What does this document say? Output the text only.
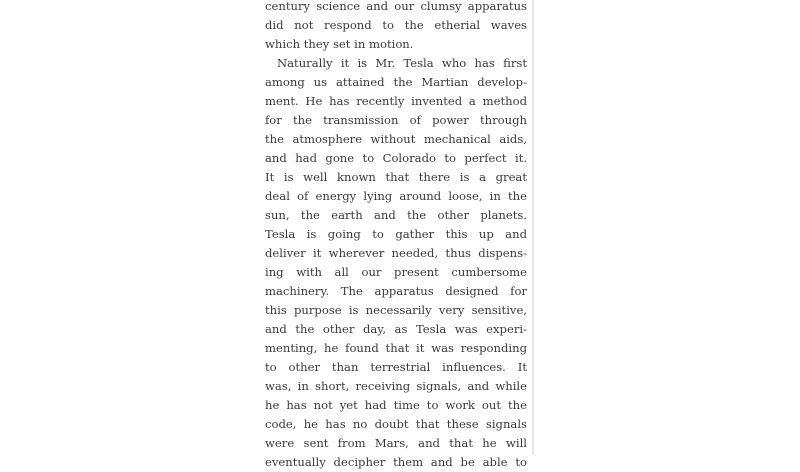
century science and our clumsy apparatus
did not respond to the etherial waves
which they set in motion.
Naturally it is Mr. Tesla who has first
among us attained the Martian develop-
ment. He has recently invented a method
for the transmission of power through
the atmosphere without mechanical aids,
and had gone to Colorado to perfect it.
It is well known that there is a great
deal of energy lying around loose, in the
sun, the earth and the other planets.
Tesla is going to gather this up and
deliver it wherever needed, thus dispens-
ing with all our present cumbersome
machinery. The apparatus designed for
this purpose is necessarily very sensitive,
and the other day, as Tesla was experi-
menting, he found that it was responding
to other than terrestrial influences. It
was, in short, receiving signals, and while
he has not yet had time to work out the
code, he has no doubt that these signals
were sent from Mars, and that he will
eventually decipher them and be able to
